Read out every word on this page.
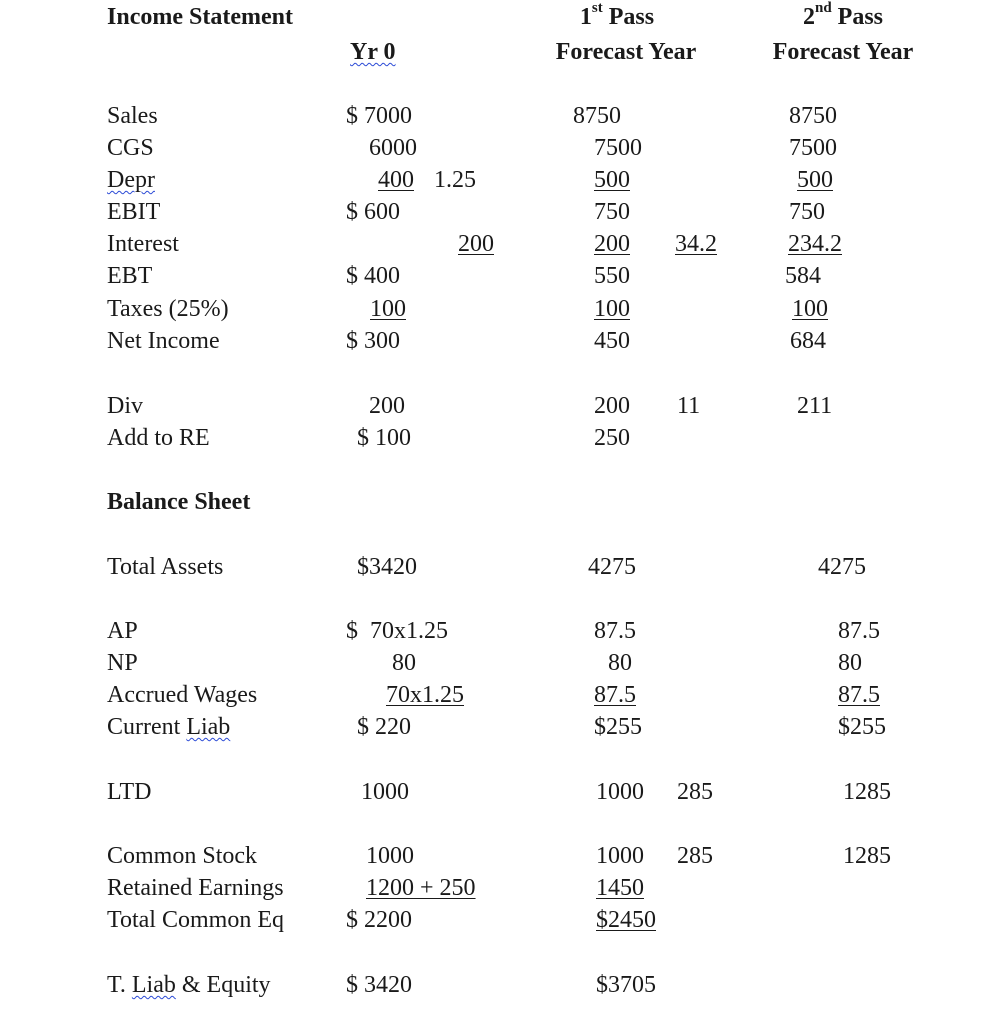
Income Statement
Yr 0
1st Pass
Forecast Year
2nd Pass
Forecast Year
Sales
CGS
Depr
EBIT
Interest
EBT
Taxes (25%)
Net Income
Div
Add to RE
$ 7000
6000
400 1.25
$ 600
200
$ 400
100
$ 300
200
$ 100
8750
7500
500
750
200 34.2
550
100
450
200 11
250
8750
7500
500
750
234.2
584
100
684
211
Balance Sheet
Total Assets
AP
NP
Accrued Wages
Current Liab
LTD
Common Stock
Retained Earnings
Total Common Eq
T. Liab & Equity
$3420
$  70x1.25
80
70x1.25
$ 220
1000
1000
1200 + 250
$ 2200
$ 3420
4275
87.5
80
87.5
$255
1000 285
1000 285
1450
$2450
$3705
4275
87.5
80
87.5
$255
1285
1285
